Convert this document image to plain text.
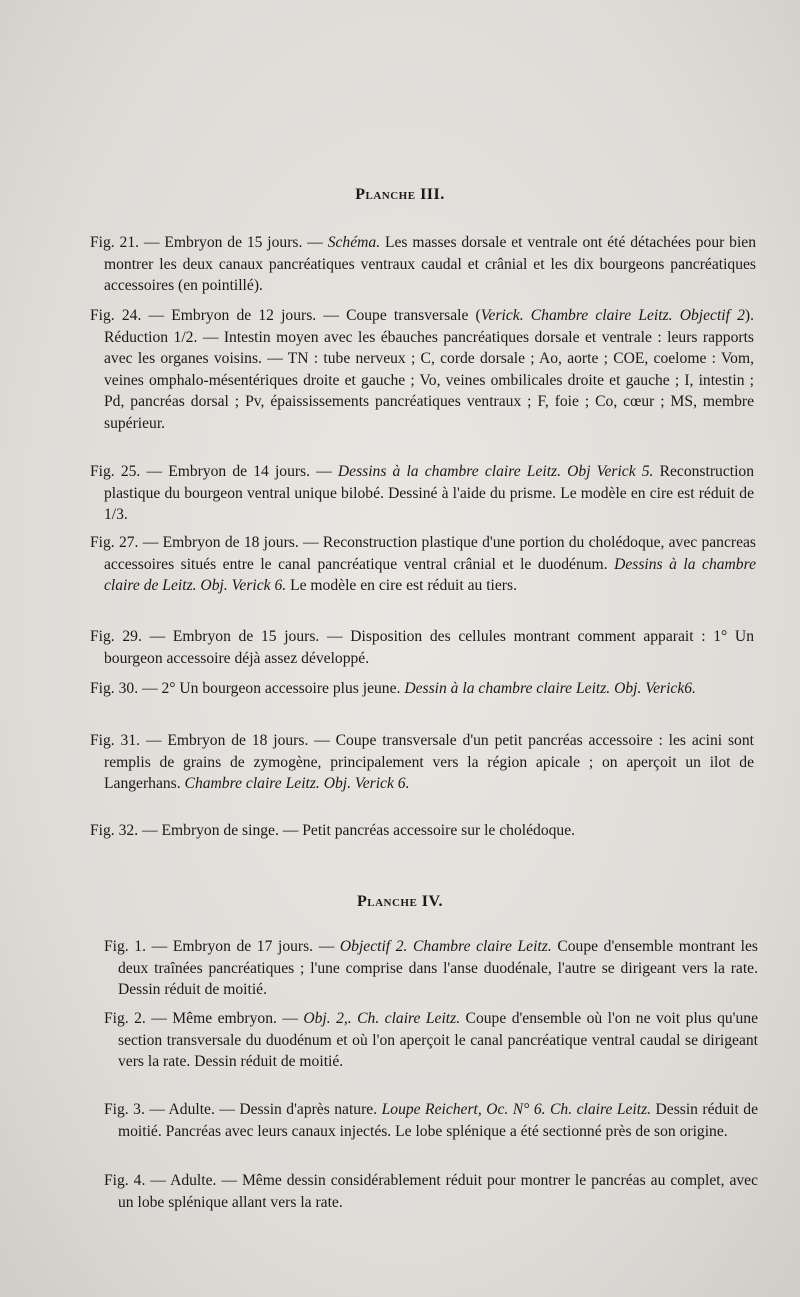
Planche III.

Fig. 21. — Embryon de 15 jours. — Schéma. Les masses dorsale et ventrale ont été détachées pour bien montrer les deux canaux pancréatiques ventraux caudal et crânial et les dix bourgeons pancréatiques accessoires (en pointillé).

Fig. 24. — Embryon de 12 jours. — Coupe transversale (Verick. Chambre claire Leitz. Objectif 2). Réduction 1/2. — Intestin moyen avec les ébauches pancréatiques dorsale et ventrale : leurs rapports avec les organes voisins. — TN : tube nerveux ; C, corde dorsale ; Ao, aorte ; COE, coelome : Vom, veines omphalo-mésentériques droite et gauche ; Vo, veines ombilicales droite et gauche ; I, intestin ; Pd, pancréas dorsal ; Pv, épaississements pancréatiques ventraux ; F, foie ; Co, cœur ; MS, membre supérieur.

Fig. 25. — Embryon de 14 jours. — Dessins à la chambre claire Leitz. Obj Verick 5. Reconstruction plastique du bourgeon ventral unique bilobé. Dessiné à l'aide du prisme. Le modèle en cire est réduit de 1/3.

Fig. 27. — Embryon de 18 jours. — Reconstruction plastique d'une portion du cholédoque, avec pancreas accessoires situés entre le canal pancréatique ventral crânial et le duodénum. Dessins à la chambre claire de Leitz. Obj. Verick 6. Le modèle en cire est réduit au tiers.

Fig. 29. — Embryon de 15 jours. — Disposition des cellules montrant comment apparait : 1° Un bourgeon accessoire déjà assez développé.

Fig. 30. — 2° Un bourgeon accessoire plus jeune. Dessin à la chambre claire Leitz. Obj. Verick6.

Fig. 31. — Embryon de 18 jours. — Coupe transversale d'un petit pancréas accessoire : les acini sont remplis de grains de zymogène, principalement vers la région apicale ; on aperçoit un ilot de Langerhans. Chambre claire Leitz. Obj. Verick 6.

Fig. 32. — Embryon de singe. — Petit pancréas accessoire sur le cholédoque.

Planche IV.

Fig. 1. — Embryon de 17 jours. — Objectif 2. Chambre claire Leitz. Coupe d'ensemble montrant les deux traînées pancréatiques ; l'une comprise dans l'anse duodénale, l'autre se dirigeant vers la rate. Dessin réduit de moitié.

Fig. 2. — Même embryon. — Obj. 2,. Ch. claire Leitz. Coupe d'ensemble où l'on ne voit plus qu'une section transversale du duodénum et où l'on aperçoit le canal pancréatique ventral caudal se dirigeant vers la rate. Dessin réduit de moitié.

Fig. 3. — Adulte. — Dessin d'après nature. Loupe Reichert, Oc. N° 6. Ch. claire Leitz. Dessin réduit de moitié. Pancréas avec leurs canaux injectés. Le lobe splénique a été sectionné près de son origine.

Fig. 4. — Adulte. — Même dessin considérablement réduit pour montrer le pancréas au complet, avec un lobe splénique allant vers la rate.
